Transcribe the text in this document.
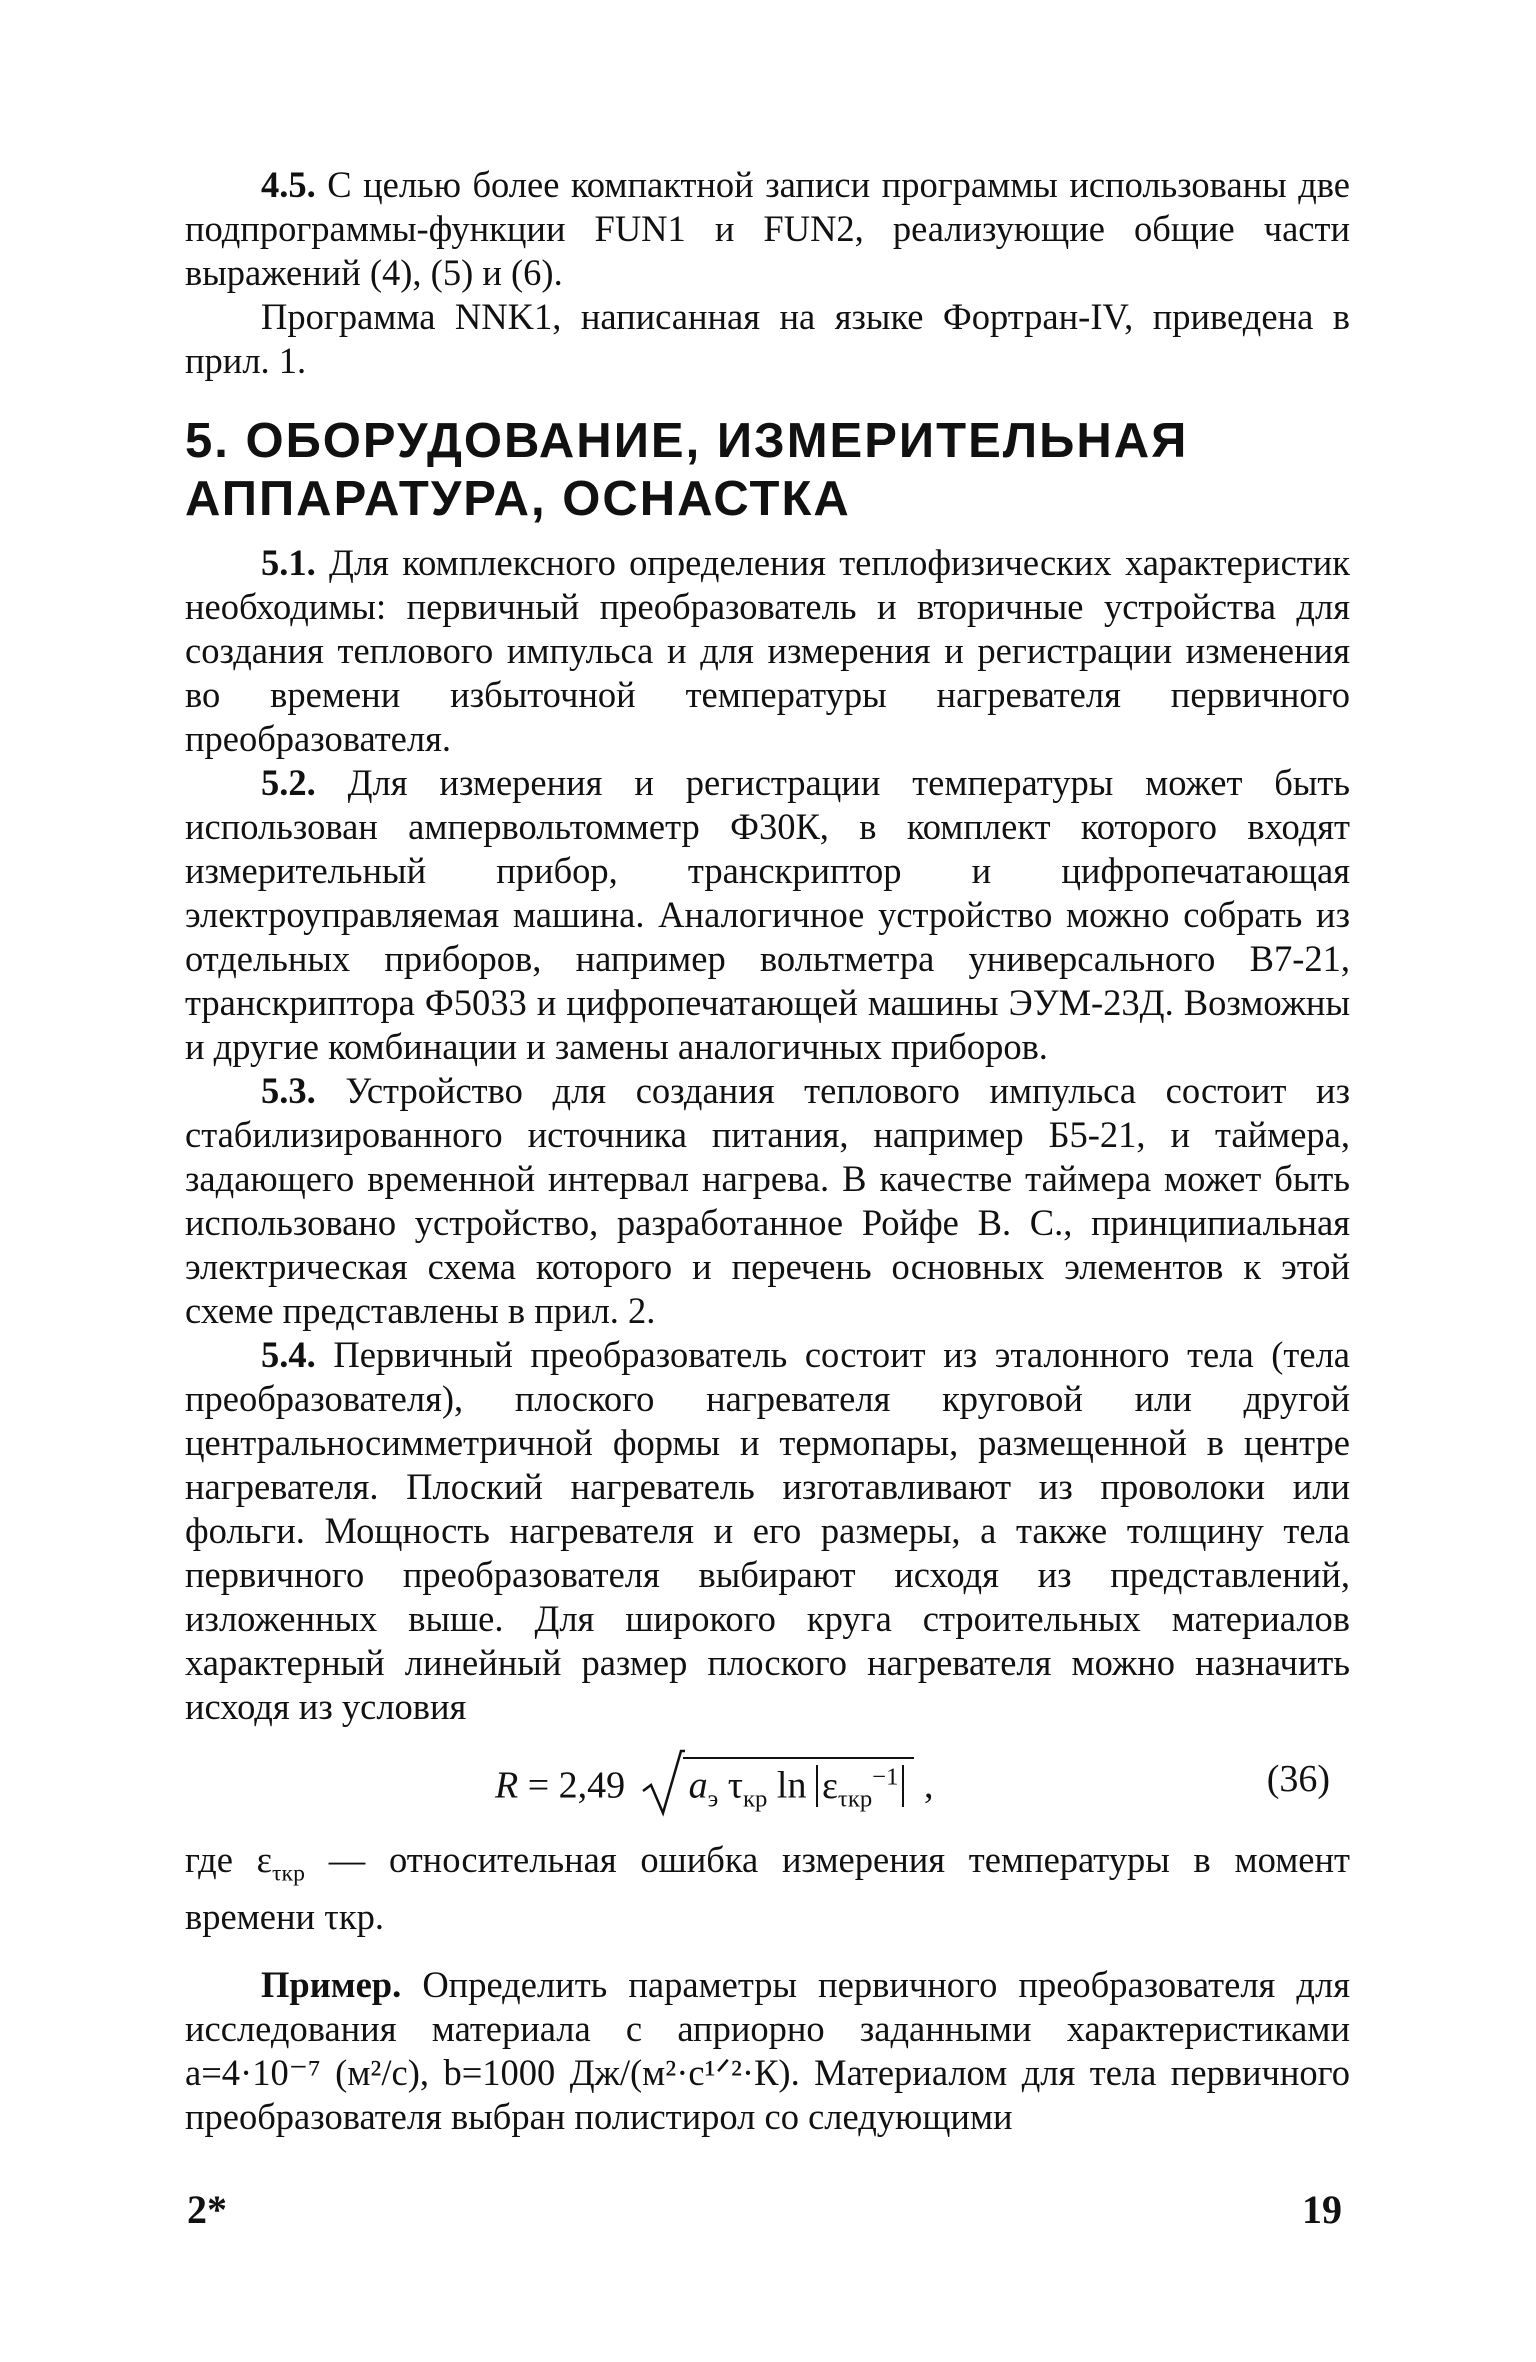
4.5. С целью более компактной записи программы использованы две подпрограммы-функции FUN1 и FUN2, реализующие общие части выражений (4), (5) и (6).

Программа NNK1, написанная на языке Фортран-IV, приведена в прил. 1.

5. ОБОРУДОВАНИЕ, ИЗМЕРИТЕЛЬНАЯ
АППАРАТУРА, ОСНАСТКА

5.1. Для комплексного определения теплофизических характеристик необходимы: первичный преобразователь и вторичные устройства для создания теплового импульса и для измерения и регистрации изменения во времени избыточной температуры нагревателя первичного преобразователя.

5.2. Для измерения и регистрации температуры может быть использован ампервольтомметр Ф30К, в комплект которого входят измерительный прибор, транскриптор и цифропечатающая электроуправляемая машина. Аналогичное устройство можно собрать из отдельных приборов, например вольтметра универсального В7-21, транскриптора Ф5033 и цифропечатающей машины ЭУМ-23Д. Возможны и другие комбинации и замены аналогичных приборов.

5.3. Устройство для создания теплового импульса состоит из стабилизированного источника питания, например Б5-21, и таймера, задающего временной интервал нагрева. В качестве таймера может быть использовано устройство, разработанное Ройфе В. С., принципиальная электрическая схема которого и перечень основных элементов к этой схеме представлены в прил. 2.

5.4. Первичный преобразователь состоит из эталонного тела (тела преобразователя), плоского нагревателя круговой или другой центральносимметричной формы и термопары, размещенной в центре нагревателя. Плоский нагреватель изготавливают из проволоки или фольги. Мощность нагревателя и его размеры, а также толщину тела первичного преобразователя выбирают исходя из представлений, изложенных выше. Для широкого круга строительных материалов характерный линейный размер плоского нагревателя можно назначить исходя из условия

R = 2,49
$a_э$ $\tau_{кр}$ $\ln \varepsilon_{\tau кр}^{-1}$ ,	(36)

где $\varepsilon_{\tau кр}$ — относительная ошибка измерения температуры в момент времени τкр.

Пример. Определить параметры первичного преобразователя для исследования материала с априорно заданными характеристиками a=4·10⁻⁷ (м²/с), b=1000 Дж/(м²·с¹ᐟ²·К). Материалом для тела первичного преобразователя выбран полистирол со следующими

2*	19
